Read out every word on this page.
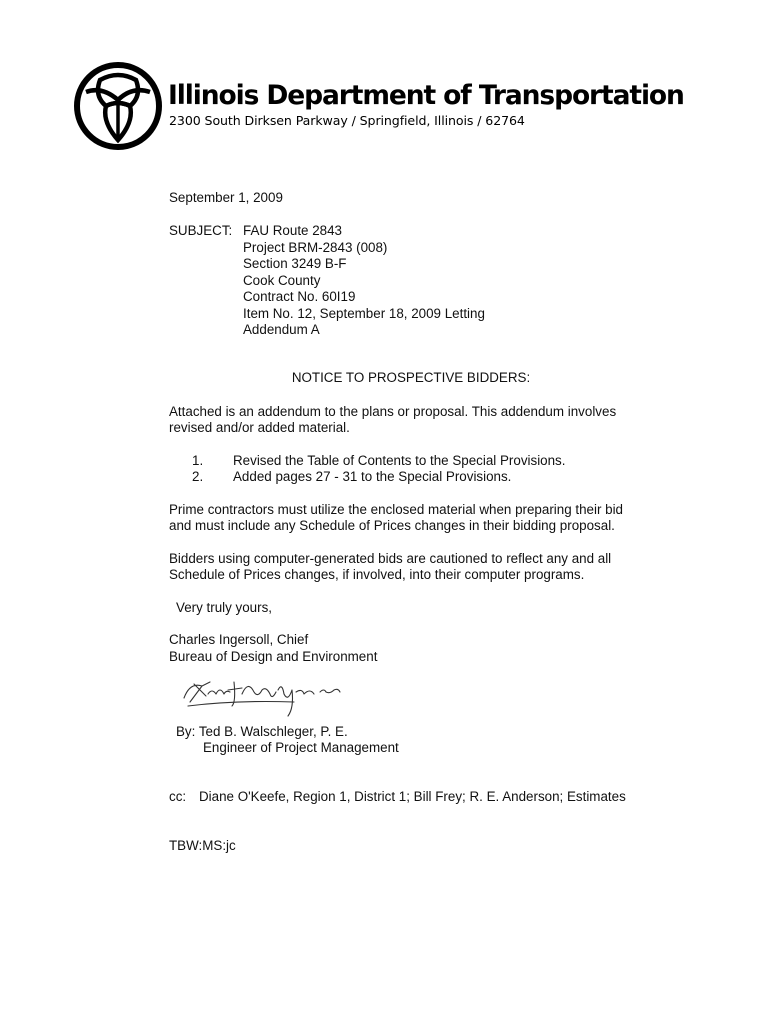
Illinois Department of Transportation
2300 South Dirksen Parkway / Springfield, Illinois / 62764
September 1, 2009
SUBJECT: FAU Route 2843
Project BRM-2843 (008)
Section 3249 B-F
Cook County
Contract No. 60I19
Item No. 12, September 18, 2009 Letting
Addendum A
NOTICE TO PROSPECTIVE BIDDERS:
Attached is an addendum to the plans or proposal. This addendum involves
revised and/or added material.
1. Revised the Table of Contents to the Special Provisions.
2. Added pages 27 - 31 to the Special Provisions.
Prime contractors must utilize the enclosed material when preparing their bid
and must include any Schedule of Prices changes in their bidding proposal.
Bidders using computer-generated bids are cautioned to reflect any and all
Schedule of Prices changes, if involved, into their computer programs.
Very truly yours,
Charles Ingersoll, Chief
Bureau of Design and Environment
By: Ted B. Walschleger, P. E.
Engineer of Project Management
cc: Diane O'Keefe, Region 1, District 1; Bill Frey; R. E. Anderson; Estimates
TBW:MS:jc
